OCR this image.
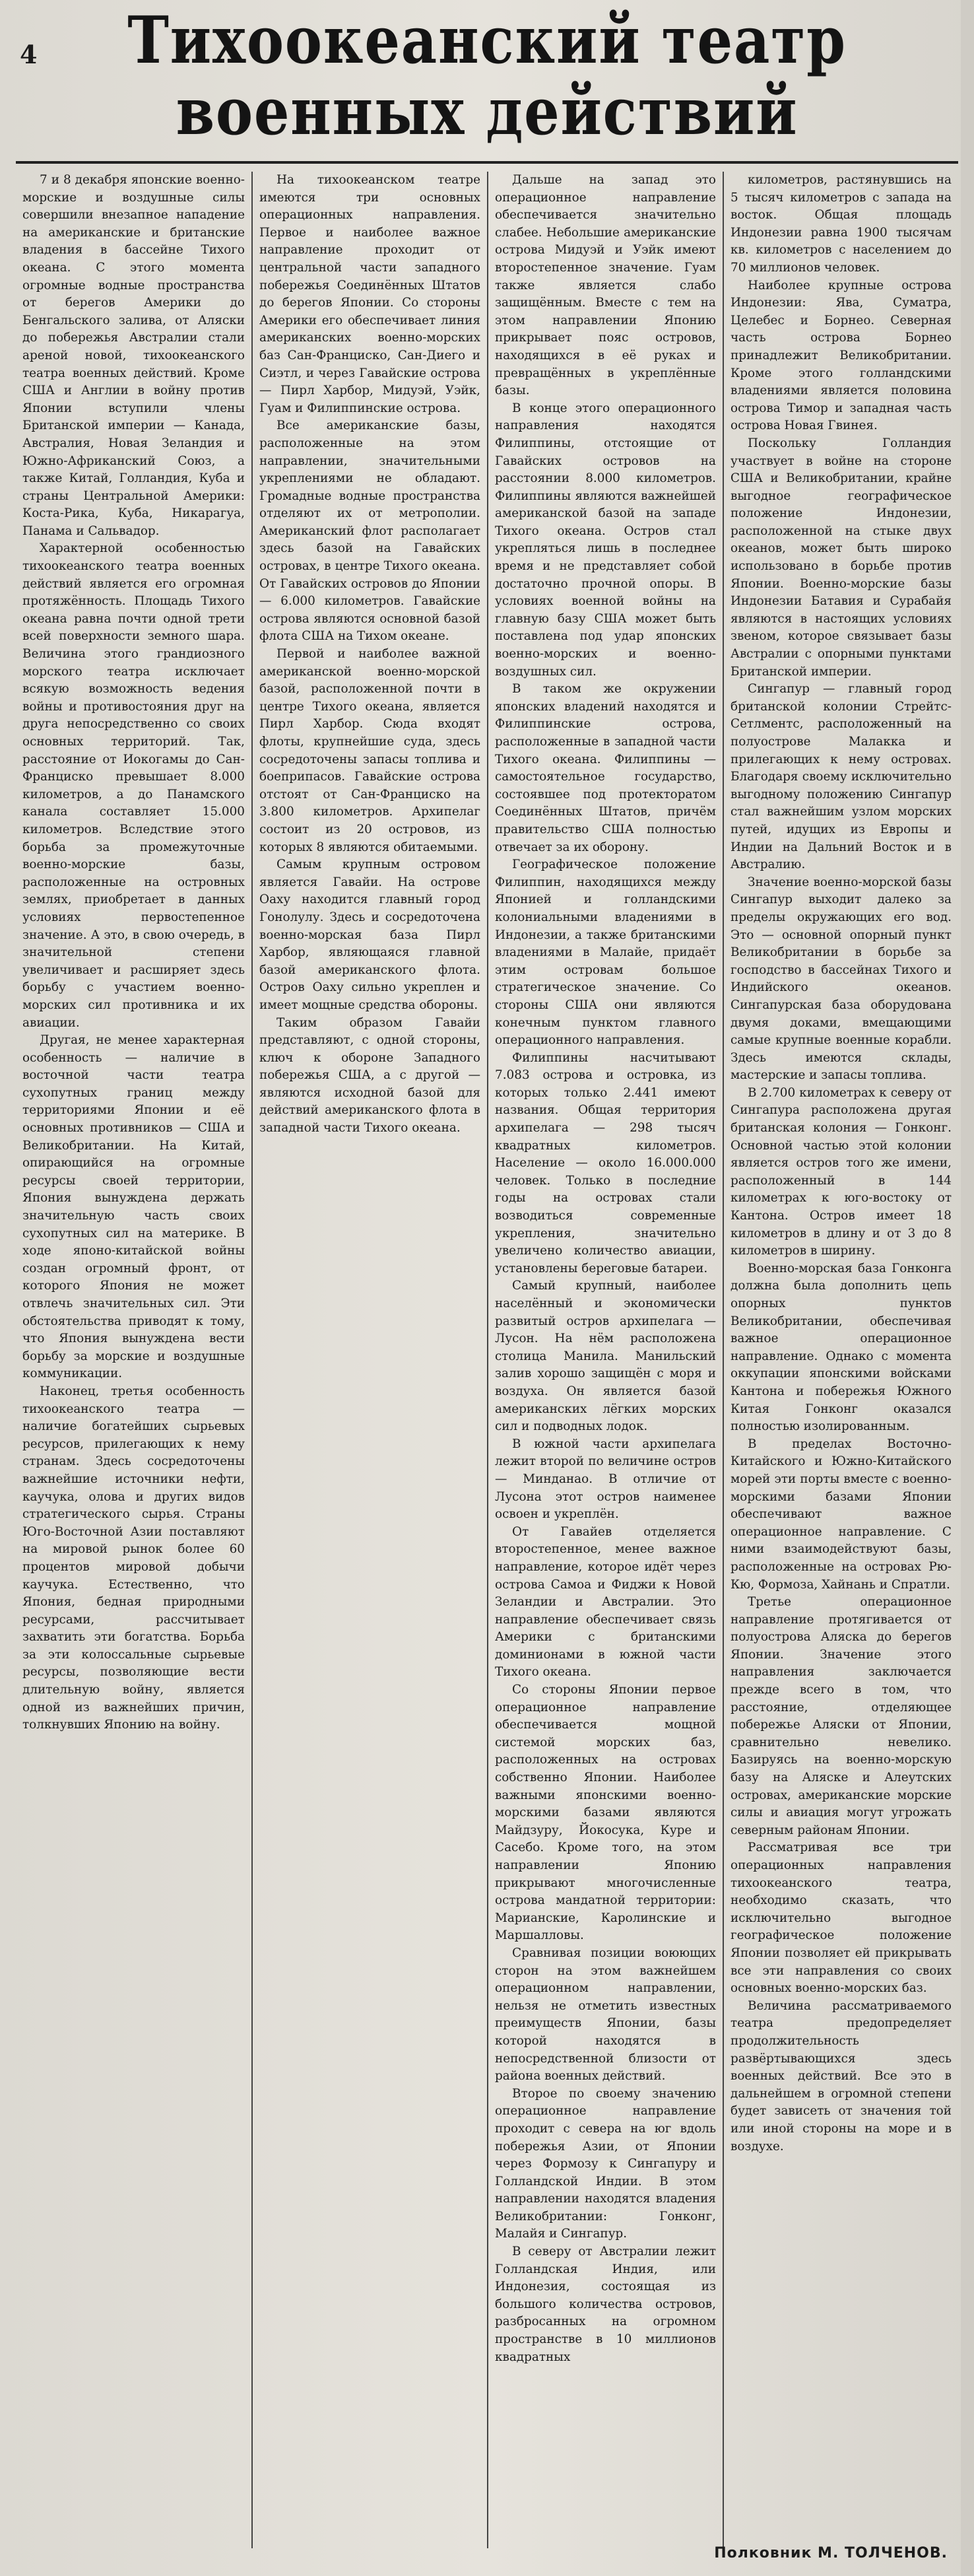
4	Тихоокеанский театр
военных действий

7 и 8 декабря японские военно-морские и воздушные силы совершили внезапное нападение на американские и британские владения в бассейне Тихого океана. С этого момента огромные водные пространства от берегов Америки до Бенгальского залива, от Аляски до побережья Австралии стали ареной новой, тихоокеанского театра военных действий. Кроме США и Англии в войну против Японии вступили члены Британской империи — Канада, Австралия, Новая Зеландия и Южно-Африканский Союз, а также Китай, Голландия, Куба и страны Центральной Америки: Коста-Рика, Куба, Никарагуа, Панама и Сальвадор.

Характерной особенностью тихоокеанского театра военных действий является его огромная протяжённость. Площадь Тихого океана равна почти одной трети всей поверхности земного шара. Величина этого грандиозного морского театра исключает всякую возможность ведения войны и противостояния друг на друга непосредственно со своих основных территорий. Так, расстояние от Иокогамы до Сан-Франциско превышает 8.000 километров, а до Панамского канала составляет 15.000 километров. Вследствие этого борьба за промежуточные военно-морские базы, расположенные на островных землях, приобретает в данных условиях первостепенное значение. А это, в свою очередь, в значительной степени увеличивает и расширяет здесь борьбу с участием военно-морских сил противника и их авиации.

Другая, не менее характерная особенность — наличие в восточной части театра сухопутных границ между территориями Японии и её основных противников — США и Великобритании. На Китай, опирающийся на огромные ресурсы своей территории, Япония вынуждена держать значительную часть своих сухопутных сил на материке. В ходе японо-китайской войны создан огромный фронт, от которого Япония не может отвлечь значительных сил. Эти обстоятельства приводят к тому, что Япония вынуждена вести борьбу за морские и воздушные коммуникации.

Наконец, третья особенность тихоокеанского театра — наличие богатейших сырьевых ресурсов, прилегающих к нему странам. Здесь сосредоточены важнейшие источники нефти, каучука, олова и других видов стратегического сырья. Страны Юго-Восточной Азии поставляют на мировой рынок более 60 процентов мировой добычи каучука. Естественно, что Япония, бедная природными ресурсами, рассчитывает захватить эти богатства. Борьба за эти колоссальные сырьевые ресурсы, позволяющие вести длительную войну, является одной из важнейших причин, толкнувших Японию на войну.

На тихоокеанском театре имеются три основных операционных направления. Первое и наиболее важное направление проходит от центральной части западного побережья Соединённых Штатов до берегов Японии. Со стороны Америки его обеспечивает линия американских военно-морских баз Сан-Франциско, Сан-Диего и Сиэтл, и через Гавайские острова — Пирл Харбор, Мидуэй, Уэйк, Гуам и Филиппинские острова.

Все американские базы, расположенные на этом направлении, значительными укреплениями не обладают. Громадные водные пространства отделяют их от метрополии. Американский флот располагает здесь базой на Гавайских островах, в центре Тихого океана. От Гавайских островов до Японии — 6.000 километров. Гавайские острова являются основной базой флота США на Тихом океане.

Первой и наиболее важной американской военно-морской базой, расположенной почти в центре Тихого океана, является Пирл Харбор. Сюда входят флоты, крупнейшие суда, здесь сосредоточены запасы топлива и боеприпасов. Гавайские острова отстоят от Сан-Франциско на 3.800 километров. Архипелаг состоит из 20 островов, из которых 8 являются обитаемыми.

Самым крупным островом является Гавайи. На острове Оаху находится главный город Гонолулу. Здесь и сосредоточена военно-морская база Пирл Харбор, являющаяся главной базой американского флота. Остров Оаху сильно укреплен и имеет мощные средства обороны.

Таким образом Гавайи представляют, с одной стороны, ключ к обороне Западного побережья США, а с другой — являются исходной базой для действий американского флота в западной части Тихого океана.

Дальше на запад это операционное направление обеспечивается значительно слабее. Небольшие американские острова Мидуэй и Уэйк имеют второстепенное значение. Гуам также является слабо защищённым. Вместе с тем на этом направлении Японию прикрывает пояс островов, находящихся в её руках и превращённых в укреплённые базы.

В конце этого операционного направления находятся Филиппины, отстоящие от Гавайских островов на расстоянии 8.000 километров. Филиппины являются важнейшей американской базой на западе Тихого океана. Остров стал укрепляться лишь в последнее время и не представляет собой достаточно прочной опоры. В условиях военной войны на главную базу США может быть поставлена под удар японских военно-морских и военно-воздушных сил.

В таком же окружении японских владений находятся и Филиппинские острова, расположенные в западной части Тихого океана. Филиппины — самостоятельное государство, состоявшее под протекторатом Соединённых Штатов, причём правительство США полностью отвечает за их оборону.

Географическое положение Филиппин, находящихся между Японией и голландскими колониальными владениями в Индонезии, а также британскими владениями в Малайе, придаёт этим островам большое стратегическое значение. Со стороны США они являются конечным пунктом главного операционного направления.

Филиппины насчитывают 7.083 острова и островка, из которых только 2.441 имеют названия. Общая территория архипелага — 298 тысяч квадратных километров. Население — около 16.000.000 человек. Только в последние годы на островах стали возводиться современные укрепления, значительно увеличено количество авиации, установлены береговые батареи.

Самый крупный, наиболее населённый и экономически развитый остров архипелага — Лусон. На нём расположена столица Манила. Манильский залив хорошо защищён с моря и воздуха. Он является базой американских лёгких морских сил и подводных лодок.

В южной части архипелага лежит второй по величине остров — Минданао. В отличие от Лусона этот остров наименее освоен и укреплён.

От Гавайев отделяется второстепенное, менее важное направление, которое идёт через острова Самоа и Фиджи к Новой Зеландии и Австралии. Это направление обеспечивает связь Америки с британскими доминионами в южной части Тихого океана.

Со стороны Японии первое операционное направление обеспечивается мощной системой морских баз, расположенных на островах собственно Японии. Наиболее важными японскими военно-морскими базами являются Майдзуру, Йокосука, Куре и Сасебо. Кроме того, на этом направлении Японию прикрывают многочисленные острова мандатной территории: Марианские, Каролинские и Маршалловы.

Сравнивая позиции воюющих сторон на этом важнейшем операционном направлении, нельзя не отметить известных преимуществ Японии, базы которой находятся в непосредственной близости от района военных действий.

Второе по своему значению операционное направление проходит с севера на юг вдоль побережья Азии, от Японии через Формозу к Сингапуру и Голландской Индии. В этом направлении находятся владения Великобритании: Гонконг, Малайя и Сингапур.

В северу от Австралии лежит Голландская Индия, или Индонезия, состоящая из большого количества островов, разбросанных на огромном пространстве в 10 миллионов квадратных

километров, растянувшись на 5 тысяч километров с запада на восток. Общая площадь Индонезии равна 1900 тысячам кв. километров с населением до 70 миллионов человек.

Наиболее крупные острова Индонезии: Ява, Суматра, Целебес и Борнео. Северная часть острова Борнео принадлежит Великобритании. Кроме этого голландскими владениями является половина острова Тимор и западная часть острова Новая Гвинея.

Поскольку Голландия участвует в войне на стороне США и Великобритании, крайне выгодное географическое положение Индонезии, расположенной на стыке двух океанов, может быть широко использовано в борьбе против Японии. Военно-морские базы Индонезии Батавия и Сурабайя являются в настоящих условиях звеном, которое связывает базы Австралии с опорными пунктами Британской империи.

Сингапур — главный город британской колонии Стрейтс-Сетлментс, расположенный на полуострове Малакка и прилегающих к нему островах. Благодаря своему исключительно выгодному положению Сингапур стал важнейшим узлом морских путей, идущих из Европы и Индии на Дальний Восток и в Австралию.

Значение военно-морской базы Сингапур выходит далеко за пределы окружающих его вод. Это — основной опорный пункт Великобритании в борьбе за господство в бассейнах Тихого и Индийского океанов. Сингапурская база оборудована двумя доками, вмещающими самые крупные военные корабли. Здесь имеются склады, мастерские и запасы топлива.

В 2.700 километрах к северу от Сингапура расположена другая британская колония — Гонконг. Основной частью этой колонии является остров того же имени, расположенный в 144 километрах к юго-востоку от Кантона. Остров имеет 18 километров в длину и от 3 до 8 километров в ширину.

Военно-морская база Гонконга должна была дополнить цепь опорных пунктов Великобритании, обеспечивая важное операционное направление. Однако с момента оккупации японскими войсками Кантона и побережья Южного Китая Гонконг оказался полностью изолированным.

В пределах Восточно-Китайского и Южно-Китайского морей эти порты вместе с военно-морскими базами Японии обеспечивают важное операционное направление. С ними взаимодействуют базы, расположенные на островах Рю-Кю, Формоза, Хайнань и Спратли.

Третье операционное направление протягивается от полуострова Аляска до берегов Японии. Значение этого направления заключается прежде всего в том, что расстояние, отделяющее побережье Аляски от Японии, сравнительно невелико. Базируясь на военно-морскую базу на Аляске и Алеутских островах, американские морские силы и авиация могут угрожать северным районам Японии.

Рассматривая все три операционных направления тихоокеанского театра, необходимо сказать, что исключительно выгодное географическое положение Японии позволяет ей прикрывать все эти направления со своих основных военно-морских баз.

Величина рассматриваемого театра предопределяет продолжительность развёртывающихся здесь военных действий. Все это в дальнейшем в огромной степени будет зависеть от значения той или иной стороны на море и в воздухе.

Полковник М. ТОЛЧЕНОВ.
